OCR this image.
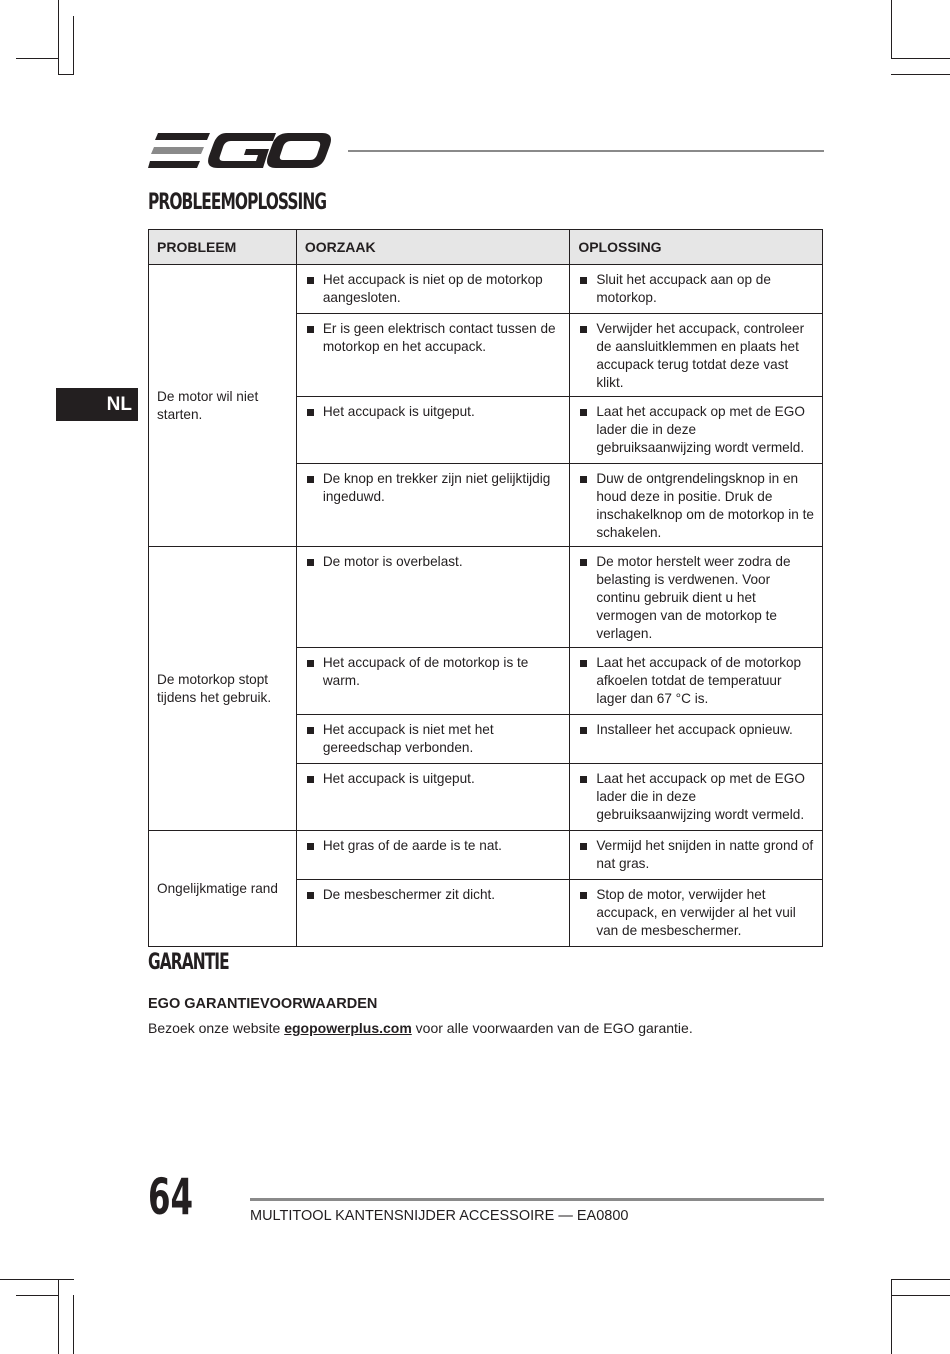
PROBLEEMOPLOSSING
NL
PROBLEEM	OORZAAK	OPLOSSING
De motor wil niet starten.	Het accupack is niet op de motorkop aangesloten.	Sluit het accupack aan op de motorkop.

	Er is geen elektrisch contact tussen de motorkop en het accupack.	Verwijder het accupack, controleer de aansluitklemmen en plaats het accupack terug totdat deze vast klikt.

	Het accupack is uitgeput.	Laat het accupack op met de EGO lader die in deze gebruiksaanwijzing wordt vermeld.

	De knop en trekker zijn niet gelijktijdig ingeduwd.	Duw de ontgrendelingsknop in en houd deze in positie. Druk de inschakelknop om de motorkop in te schakelen.

De motorkop stopt tijdens het gebruik.	De motor is overbelast.	De motor herstelt weer zodra de belasting is verdwenen. Voor continu gebruik dient u het vermogen van de motorkop te verlagen.

	Het accupack of de motorkop is te warm.	Laat het accupack of de motorkop afkoelen totdat de temperatuur lager dan 67 °C is.

	Het accupack is niet met het gereedschap verbonden.	Installeer het accupack opnieuw.

	Het accupack is uitgeput.	Laat het accupack op met de EGO lader die in deze gebruiksaanwijzing wordt vermeld.

Ongelijkmatige rand	Het gras of de aarde is te nat.	Vermijd het snijden in natte grond of nat gras.

	De mesbeschermer zit dicht.	Stop de motor, verwijder het accupack, en verwijder al het vuil van de mesbeschermer.
GARANTIE
EGO GARANTIEVOORWAARDEN

Bezoek onze website egopowerplus.com voor alle voorwaarden van de EGO garantie.

64	MULTITOOL KANTENSNIJDER ACCESSOIRE — EA0800
